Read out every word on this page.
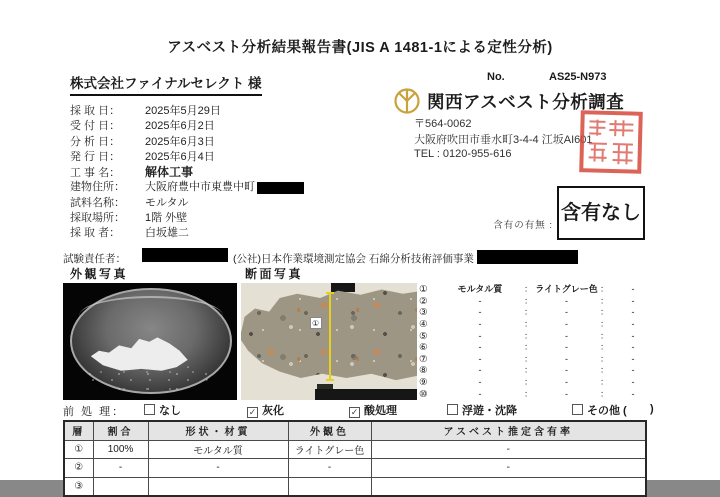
アスベスト分析結果報告書(JIS A 1481-1による定性分析)
株式会社ファイナルセレクト 様	No.	AS25-N973
採 取 日： 2025年5月29日
受 付 日： 2025年6月2日
分 析 日： 2025年6月3日
発 行 日： 2025年6月4日
工 事 名： 解体工事
建物住所： 大阪府豊中市東豊中町
試料名称： モルタル
採取場所： 1階 外壁
採 取 者： 白坂雄二
関西アスベスト分析調査
〒564-0062
大阪府吹田市垂水町3-4-4 江坂AI601
TEL : 0120-955-616
含有の有無 :
含有なし
試験責任者：	(公社)日本作業環境測定協会 石綿分析技術評価事業
外観写真	断面写真
①
①	モルタル質	： ライトグレー色 ：	-
②	-	：	-	：	-
③	-	：	-	：	-
④	-	：	-	：	-
⑤	-	：	-	：	-
⑥	-	：	-	：	-
⑦	-	：	-	：	-
⑧	-	：	-	：	-
⑨	-	：	-	：	-
⑩	-	：	-	：	-
前 処 理：	なし	✓ 灰化	✓ 酸処理	浮遊・沈降	その他 ( )
層	割合	形状・材質	外観色	アスベスト推定含有率
①	100%	モルタル質	ライトグレー色	-
②	-	-	-	-
③				
